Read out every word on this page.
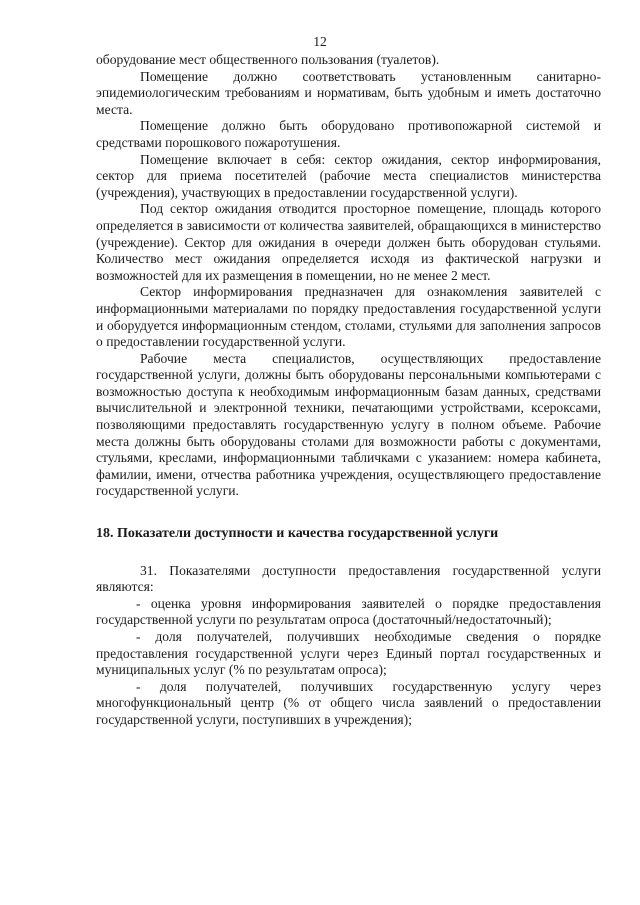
12

оборудование мест общественного пользования (туалетов).

Помещение должно соответствовать установленным санитарно-эпидемиологическим требованиям и нормативам, быть удобным и иметь достаточно места.

Помещение должно быть оборудовано противопожарной системой и средствами порошкового пожаротушения.

Помещение включает в себя: сектор ожидания, сектор информирования, сектор для приема посетителей (рабочие места специалистов министерства (учреждения), участвующих в предоставлении государственной услуги).

Под сектор ожидания отводится просторное помещение, площадь которого определяется в зависимости от количества заявителей, обращающихся в министерство (учреждение). Сектор для ожидания в очереди должен быть оборудован стульями. Количество мест ожидания определяется исходя из фактической нагрузки и возможностей для их размещения в помещении, но не менее 2 мест.

Сектор информирования предназначен для ознакомления заявителей с информационными материалами по порядку предоставления государственной услуги и оборудуется информационным стендом, столами, стульями для заполнения запросов о предоставлении государственной услуги.

Рабочие места специалистов, осуществляющих предоставление государственной услуги, должны быть оборудованы персональными компьютерами с возможностью доступа к необходимым информационным базам данных, средствами вычислительной и электронной техники, печатающими устройствами, ксероксами, позволяющими предоставлять государственную услугу в полном объеме. Рабочие места должны быть оборудованы столами для возможности работы с документами, стульями, креслами, информационными табличками с указанием: номера кабинета, фамилии, имени, отчества работника учреждения, осуществляющего предоставление государственной услуги.

18. Показатели доступности и качества государственной услуги

31. Показателями доступности предоставления государственной услуги являются:

- оценка уровня информирования заявителей о порядке предоставления государственной услуги по результатам опроса (достаточный/недостаточный);

- доля получателей, получивших необходимые сведения о порядке предоставления государственной услуги через Единый портал государственных и муниципальных услуг (% по результатам опроса);

- доля получателей, получивших государственную услугу через многофункциональный центр (% от общего числа заявлений о предоставлении государственной услуги, поступивших в учреждения);
